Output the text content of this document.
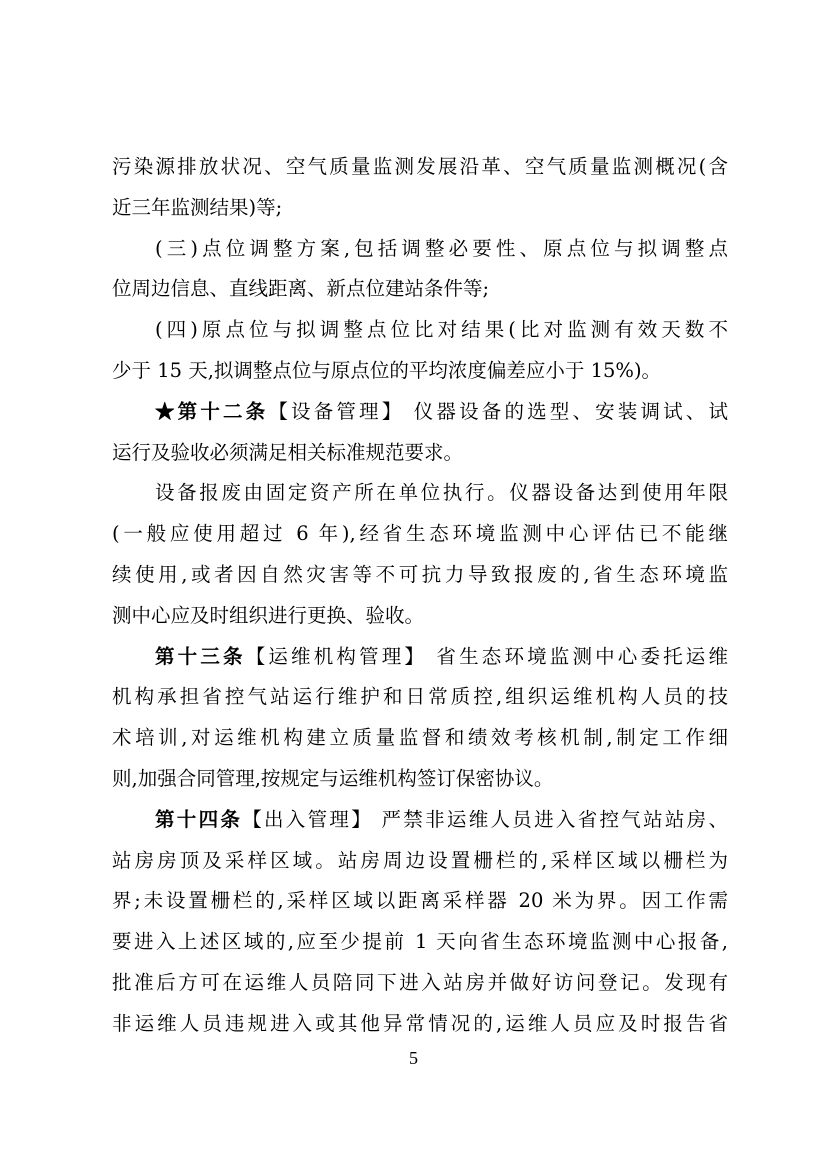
污染源排放状况、空气质量监测发展沿革、空气质量监测概况(含
近三年监测结果)等;
(三)点位调整方案,包括调整必要性、原点位与拟调整点
位周边信息、直线距离、新点位建站条件等;
(四)原点位与拟调整点位比对结果(比对监测有效天数不
少于 15 天,拟调整点位与原点位的平均浓度偏差应小于 15%)。
★第十二条【设备管理】 仪器设备的选型、安装调试、试
运行及验收必须满足相关标准规范要求。
设备报废由固定资产所在单位执行。仪器设备达到使用年限
(一般应使用超过 6 年),经省生态环境监测中心评估已不能继
续使用,或者因自然灾害等不可抗力导致报废的,省生态环境监
测中心应及时组织进行更换、验收。
第十三条【运维机构管理】 省生态环境监测中心委托运维
机构承担省控气站运行维护和日常质控,组织运维机构人员的技
术培训,对运维机构建立质量监督和绩效考核机制,制定工作细
则,加强合同管理,按规定与运维机构签订保密协议。
第十四条【出入管理】 严禁非运维人员进入省控气站站房、
站房房顶及采样区域。站房周边设置栅栏的,采样区域以栅栏为
界;未设置栅栏的,采样区域以距离采样器 20 米为界。因工作需
要进入上述区域的,应至少提前 1 天向省生态环境监测中心报备,
批准后方可在运维人员陪同下进入站房并做好访问登记。发现有
非运维人员违规进入或其他异常情况的,运维人员应及时报告省
5
